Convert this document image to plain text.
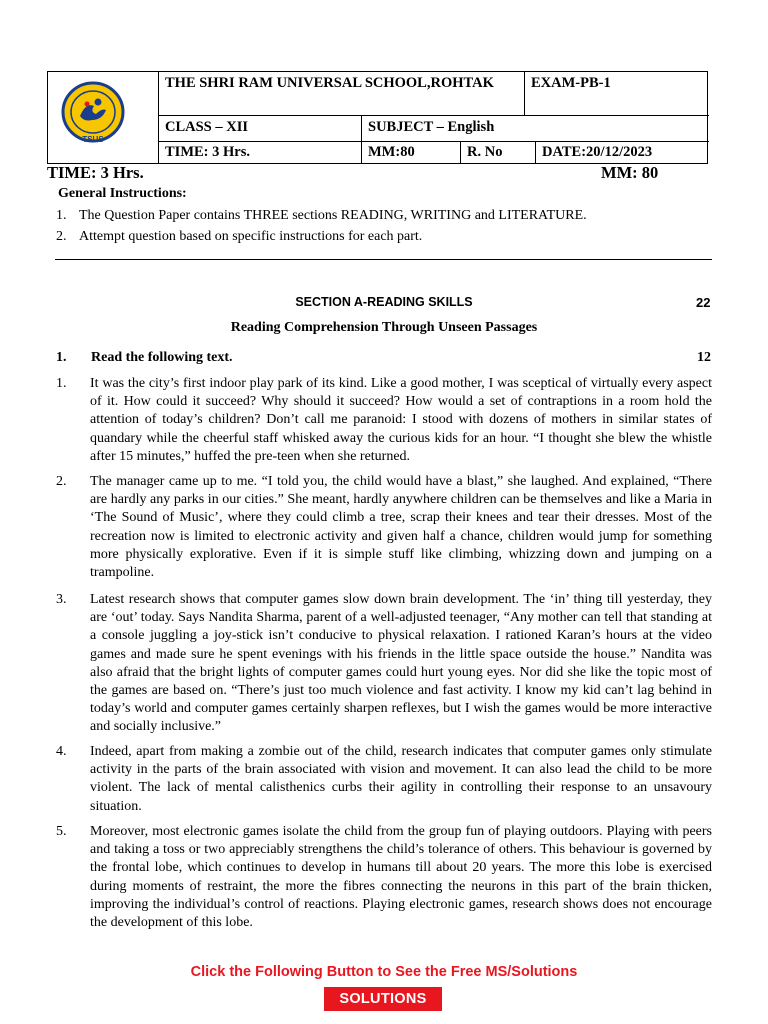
TSUS
THE SHRI RAM UNIVERSAL SCHOOL,ROHTAK	EXAM-PB-1
CLASS – XII	SUBJECT – English
TIME: 3 Hrs.	MM:80	R. No	DATE:20/12/2023
TIME: 3 Hrs.	MM: 80
General Instructions:
1. The Question Paper contains THREE sections READING, WRITING and LITERATURE.
2. Attempt question based on specific instructions for each part.
SECTION A-READING SKILLS	22
Reading Comprehension Through Unseen Passages
1. Read the following text.	12
1. It was the city’s first indoor play park of its kind. Like a good mother, I was sceptical of virtually every aspect of it. How could it succeed? Why should it succeed? How would a set of contraptions in a room hold the attention of today’s children? Don’t call me paranoid: I stood with dozens of mothers in similar states of quandary while the cheerful staff whisked away the curious kids for an hour. “I thought she blew the whistle after 15 minutes,” huffed the pre-teen when she returned.
2. The manager came up to me. “I told you, the child would have a blast,” she laughed. And explained, “There are hardly any parks in our cities.” She meant, hardly anywhere children can be themselves and like a Maria in ‘The Sound of Music’, where they could climb a tree, scrap their knees and tear their dresses. Most of the recreation now is limited to electronic activity and given half a chance, children would jump for something more physically explorative. Even if it is simple stuff like climbing, whizzing down and jumping on a trampoline.
3. Latest research shows that computer games slow down brain development. The ‘in’ thing till yesterday, they are ‘out’ today. Says Nandita Sharma, parent of a well-adjusted teenager, “Any mother can tell that standing at a console juggling a joy-stick isn’t conducive to physical relaxation. I rationed Karan’s hours at the video games and made sure he spent evenings with his friends in the little space outside the house.” Nandita was also afraid that the bright lights of computer games could hurt young eyes. Nor did she like the topic most of the games are based on. “There’s just too much violence and fast activity. I know my kid can’t lag behind in today’s world and computer games certainly sharpen reflexes, but I wish the games would be more interactive and socially inclusive.”
4. Indeed, apart from making a zombie out of the child, research indicates that computer games only stimulate activity in the parts of the brain associated with vision and movement. It can also lead the child to be more violent. The lack of mental calisthenics curbs their agility in controlling their response to an unsavoury situation.
5. Moreover, most electronic games isolate the child from the group fun of playing outdoors. Playing with peers and taking a toss or two appreciably strengthens the child’s tolerance of others. This behaviour is governed by the frontal lobe, which continues to develop in humans till about 20 years. The more this lobe is exercised during moments of restraint, the more the fibres connecting the neurons in this part of the brain thicken, improving the individual’s control of reactions. Playing electronic games, research shows does not encourage the development of this lobe.
Click the Following Button to See the Free MS/Solutions
SOLUTIONS
